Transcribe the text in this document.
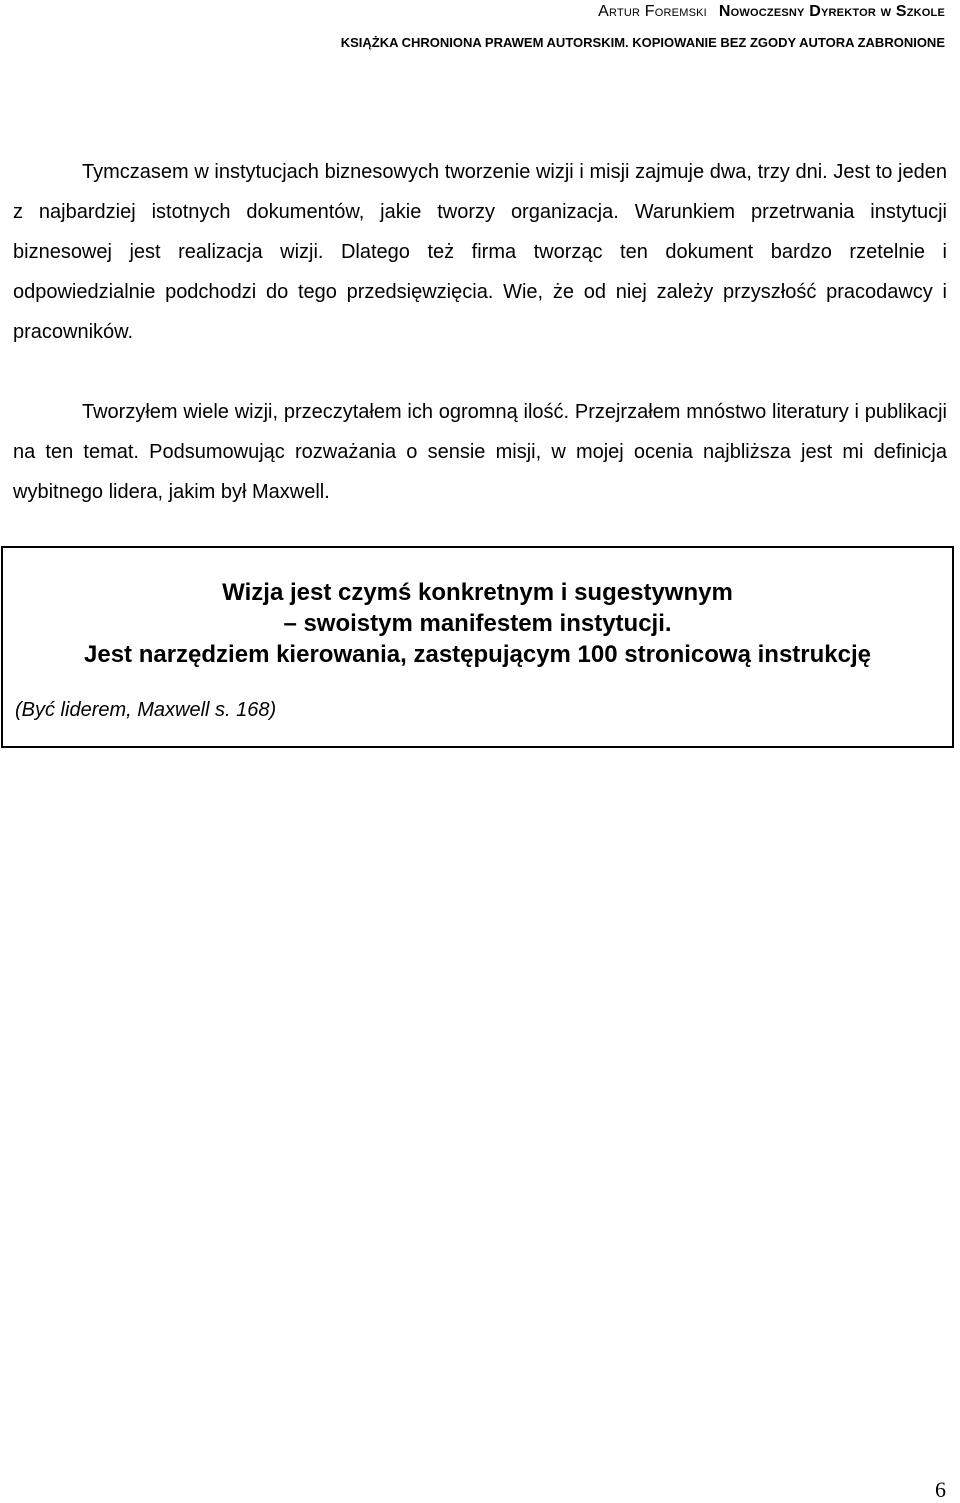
Artur Foremski Nowoczesny Dyrektor w Szkole
KSIĄŻKA CHRONIONA PRAWEM AUTORSKIM. KOPIOWANIE BEZ ZGODY AUTORA ZABRONIONE

Tymczasem w instytucjach biznesowych tworzenie wizji i misji zajmuje dwa, trzy dni. Jest to jeden z najbardziej istotnych dokumentów, jakie tworzy organizacja. Warunkiem przetrwania instytucji biznesowej jest realizacja wizji. Dlatego też firma tworząc ten dokument bardzo rzetelnie i odpowiedzialnie podchodzi do tego przedsięwzięcia. Wie, że od niej zależy przyszłość pracodawcy i pracowników.

Tworzyłem wiele wizji, przeczytałem ich ogromną ilość. Przejrzałem mnóstwo literatury i publikacji na ten temat. Podsumowując rozważania o sensie misji, w mojej ocenia najbliższa jest mi definicja wybitnego lidera, jakim był Maxwell.

Wizja jest czymś konkretnym i sugestywnym
– swoistym manifestem instytucji.
Jest narzędziem kierowania, zastępującym 100 stronicową instrukcję
(Być liderem, Maxwell s. 168)
6
